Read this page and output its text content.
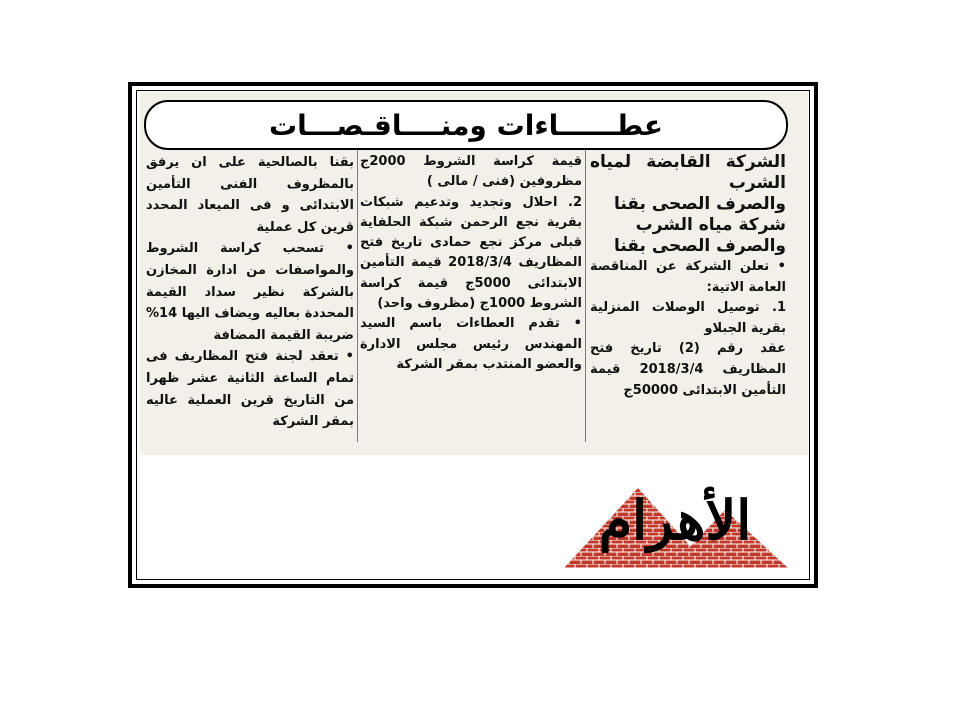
عطــــــاءات ومنــــاقـصـــات

الشركة القابضة لمياه الشرب

والصرف الصحى بقنا

شركة مياه الشرب

والصرف الصحى بقنا

• تعلن الشركة عن المناقصة العامة الاتية:

1. توصيل الوصلات المنزلية بقرية الجبلاو

عقد رقم (2) تاريخ فتح المظاريف 2018/3/4 قيمة التأمين الابتدائى 50000ج

قيمة كراسة الشروط 2000ج مظروفين (فنى / مالى )

2. احلال وتجديد وتدعيم شبكات بقرية نجع الرحمن شبكة الحلفاية قبلى مركز نجع حمادى تاريخ فتح المظاريف 2018/3/4 قيمة التأمين الابتدائى 5000ج قيمة كراسة الشروط 1000ج (مظروف واحد)

• تقدم العطاءات باسم السيد المهندس رئيس مجلس الادارة والعضو المنتدب بمقر الشركة

بقنا بالصالحية على ان يرفق بالمظروف الفنى التأمين الابتدائى و فى الميعاد المحدد قرين كل عملية

• تسحب كراسة الشروط والمواصفات من ادارة المخازن بالشركة نظير سداد القيمة المحددة بعاليه ويضاف اليها 14% ضريبة القيمة المضافة

• تعقد لجنة فتح المظاريف فى تمام الساعة الثانية عشر ظهرا من التاريخ قرين العملية عاليه بمقر الشركة

الأهرام
